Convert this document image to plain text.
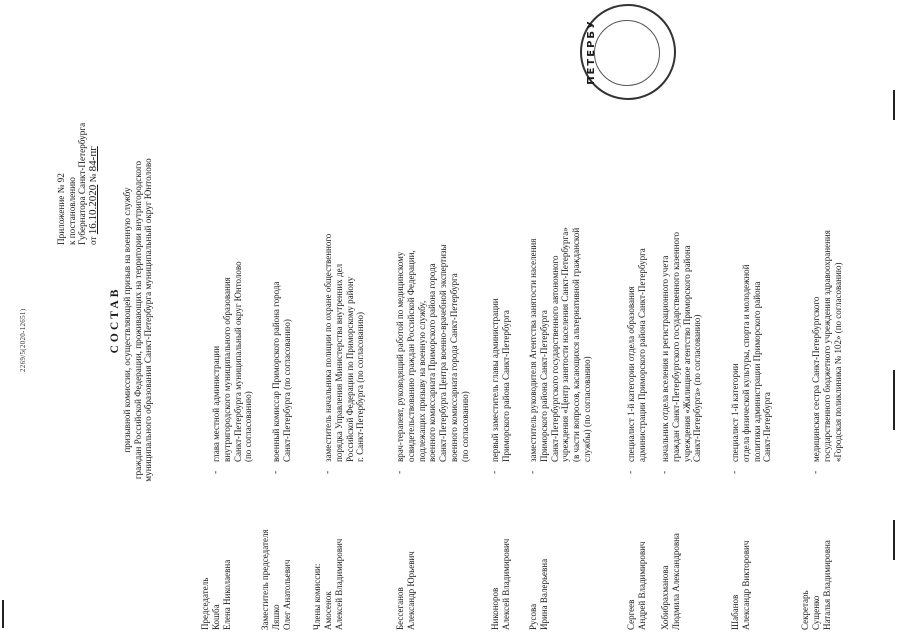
2269/5(2020-12651)
Приложение № 92 к постановлению Губернатора Санкт-Петербурга от 16.10.2020 № 84-пг
СОСТАВ призывной комиссии, осуществляющей призыв на военную службу граждан Российской Федерации, проживающих на территории внутригородского муниципального образования Санкт-Петербурга муниципальный округ Юнтолово
Председатель Кошба Елена Николаевна
-
глава местной администрации внутригородского муниципального образования Санкт-Петербурга муниципальный округ Юнтолово (по согласованию)
Заместитель председателя Ляшко Олег Анатольевич
-
военный комиссар Приморского района города Санкт-Петербурга (по согласованию)
Члены комиссии: Амосенок Алексей Владимирович
-
заместитель начальника полиции по охране общественного порядка Управления Министерства внутренних дел Российской Федерации по Приморскому району г. Санкт-Петербурга (по согласованию)
Бессеганов Александр Юрьевич
-
врач-терапевт, руководящий работой по медицинскому освидетельствованию граждан Российской Федерации, подлежащих призыву на военную службу, военного комиссариата Приморского района города Санкт-Петербурга Центра военно-врачебной экспертизы военного комиссариата города Санкт-Петербурга (по согласованию)
Никоноров Алексей Владимирович
-
первый заместитель главы администрации Приморского района Санкт-Петербурга
Русова Ирина Валерьевна
-
заместитель руководителя Агентства занятости населения Приморского района Санкт-Петербурга Санкт-Петербургского государственного автономного учреждения «Центр занятости населения Санкт-Петербурга» (в части вопросов, касающихся альтернативной гражданской службы) (по согласованию)
Сергеев Андрей Владимирович
-
специалист 1-й категории отдела образования администрации Приморского района Санкт-Петербурга
Хобибрахманова Людмила Александровна
-
начальник отдела вселения и регистрационного учета граждан Санкт-Петербургского государственного казенного учреждения «Жилищное агентство Приморского района Санкт-Петербурга» (по согласованию)
Шабанов Александр Викторович
-
специалист 1-й категории отдела физической культуры, спорта и молодежной политики администрации Приморского района Санкт-Петербурга
Секретарь Сущенко Наталья Владимировна
-
медицинская сестра Санкт-Петербургского государственного бюджетного учреждения здравоохранения «Городская поликлиника № 102» (по согласованию)
ПЕТЕРБУ
